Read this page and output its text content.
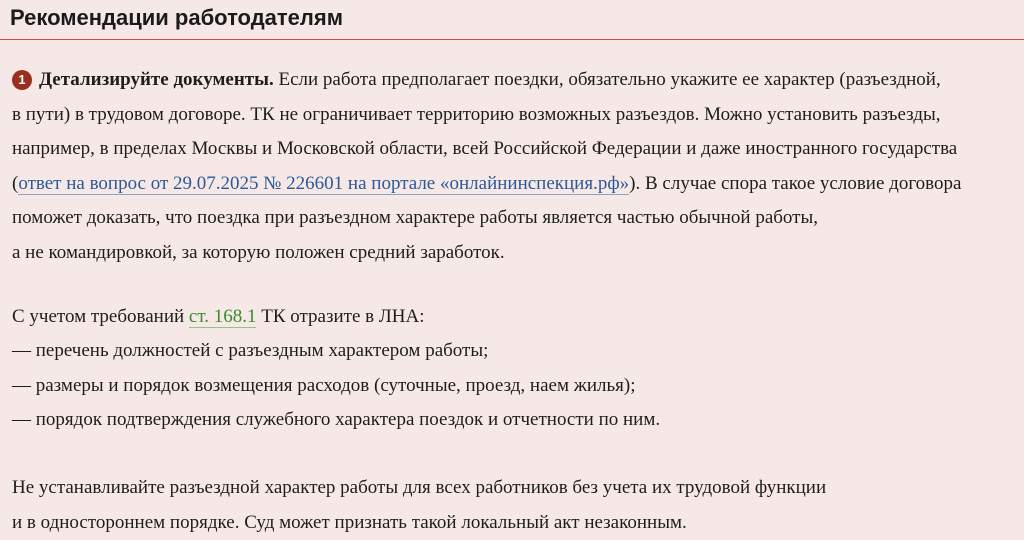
Рекомендации работодателям

1 Детализируйте документы. Если работа предполагает поездки, обязательно укажите ее характер (разъездной,
в пути) в трудовом договоре. ТК не ограничивает территорию возможных разъездов. Можно установить разъезды,
например, в пределах Москвы и Московской области, всей Российской Федерации и даже иностранного государства
(ответ на вопрос от 29.07.2025 № 226601 на портале «онлайнинспекция.рф»). В случае спора такое условие договора
поможет доказать, что поездка при разъездном характере работы является частью обычной работы,
а не командировкой, за которую положен средний заработок.

С учетом требований ст. 168.1 ТК отразите в ЛНА:
— перечень должностей с разъездным характером работы;
— размеры и порядок возмещения расходов (суточные, проезд, наем жилья);
— порядок подтверждения служебного характера поездок и отчетности по ним.

Не устанавливайте разъездной характер работы для всех работников без учета их трудовой функции
и в одностороннем порядке. Суд может признать такой локальный акт незаконным.
